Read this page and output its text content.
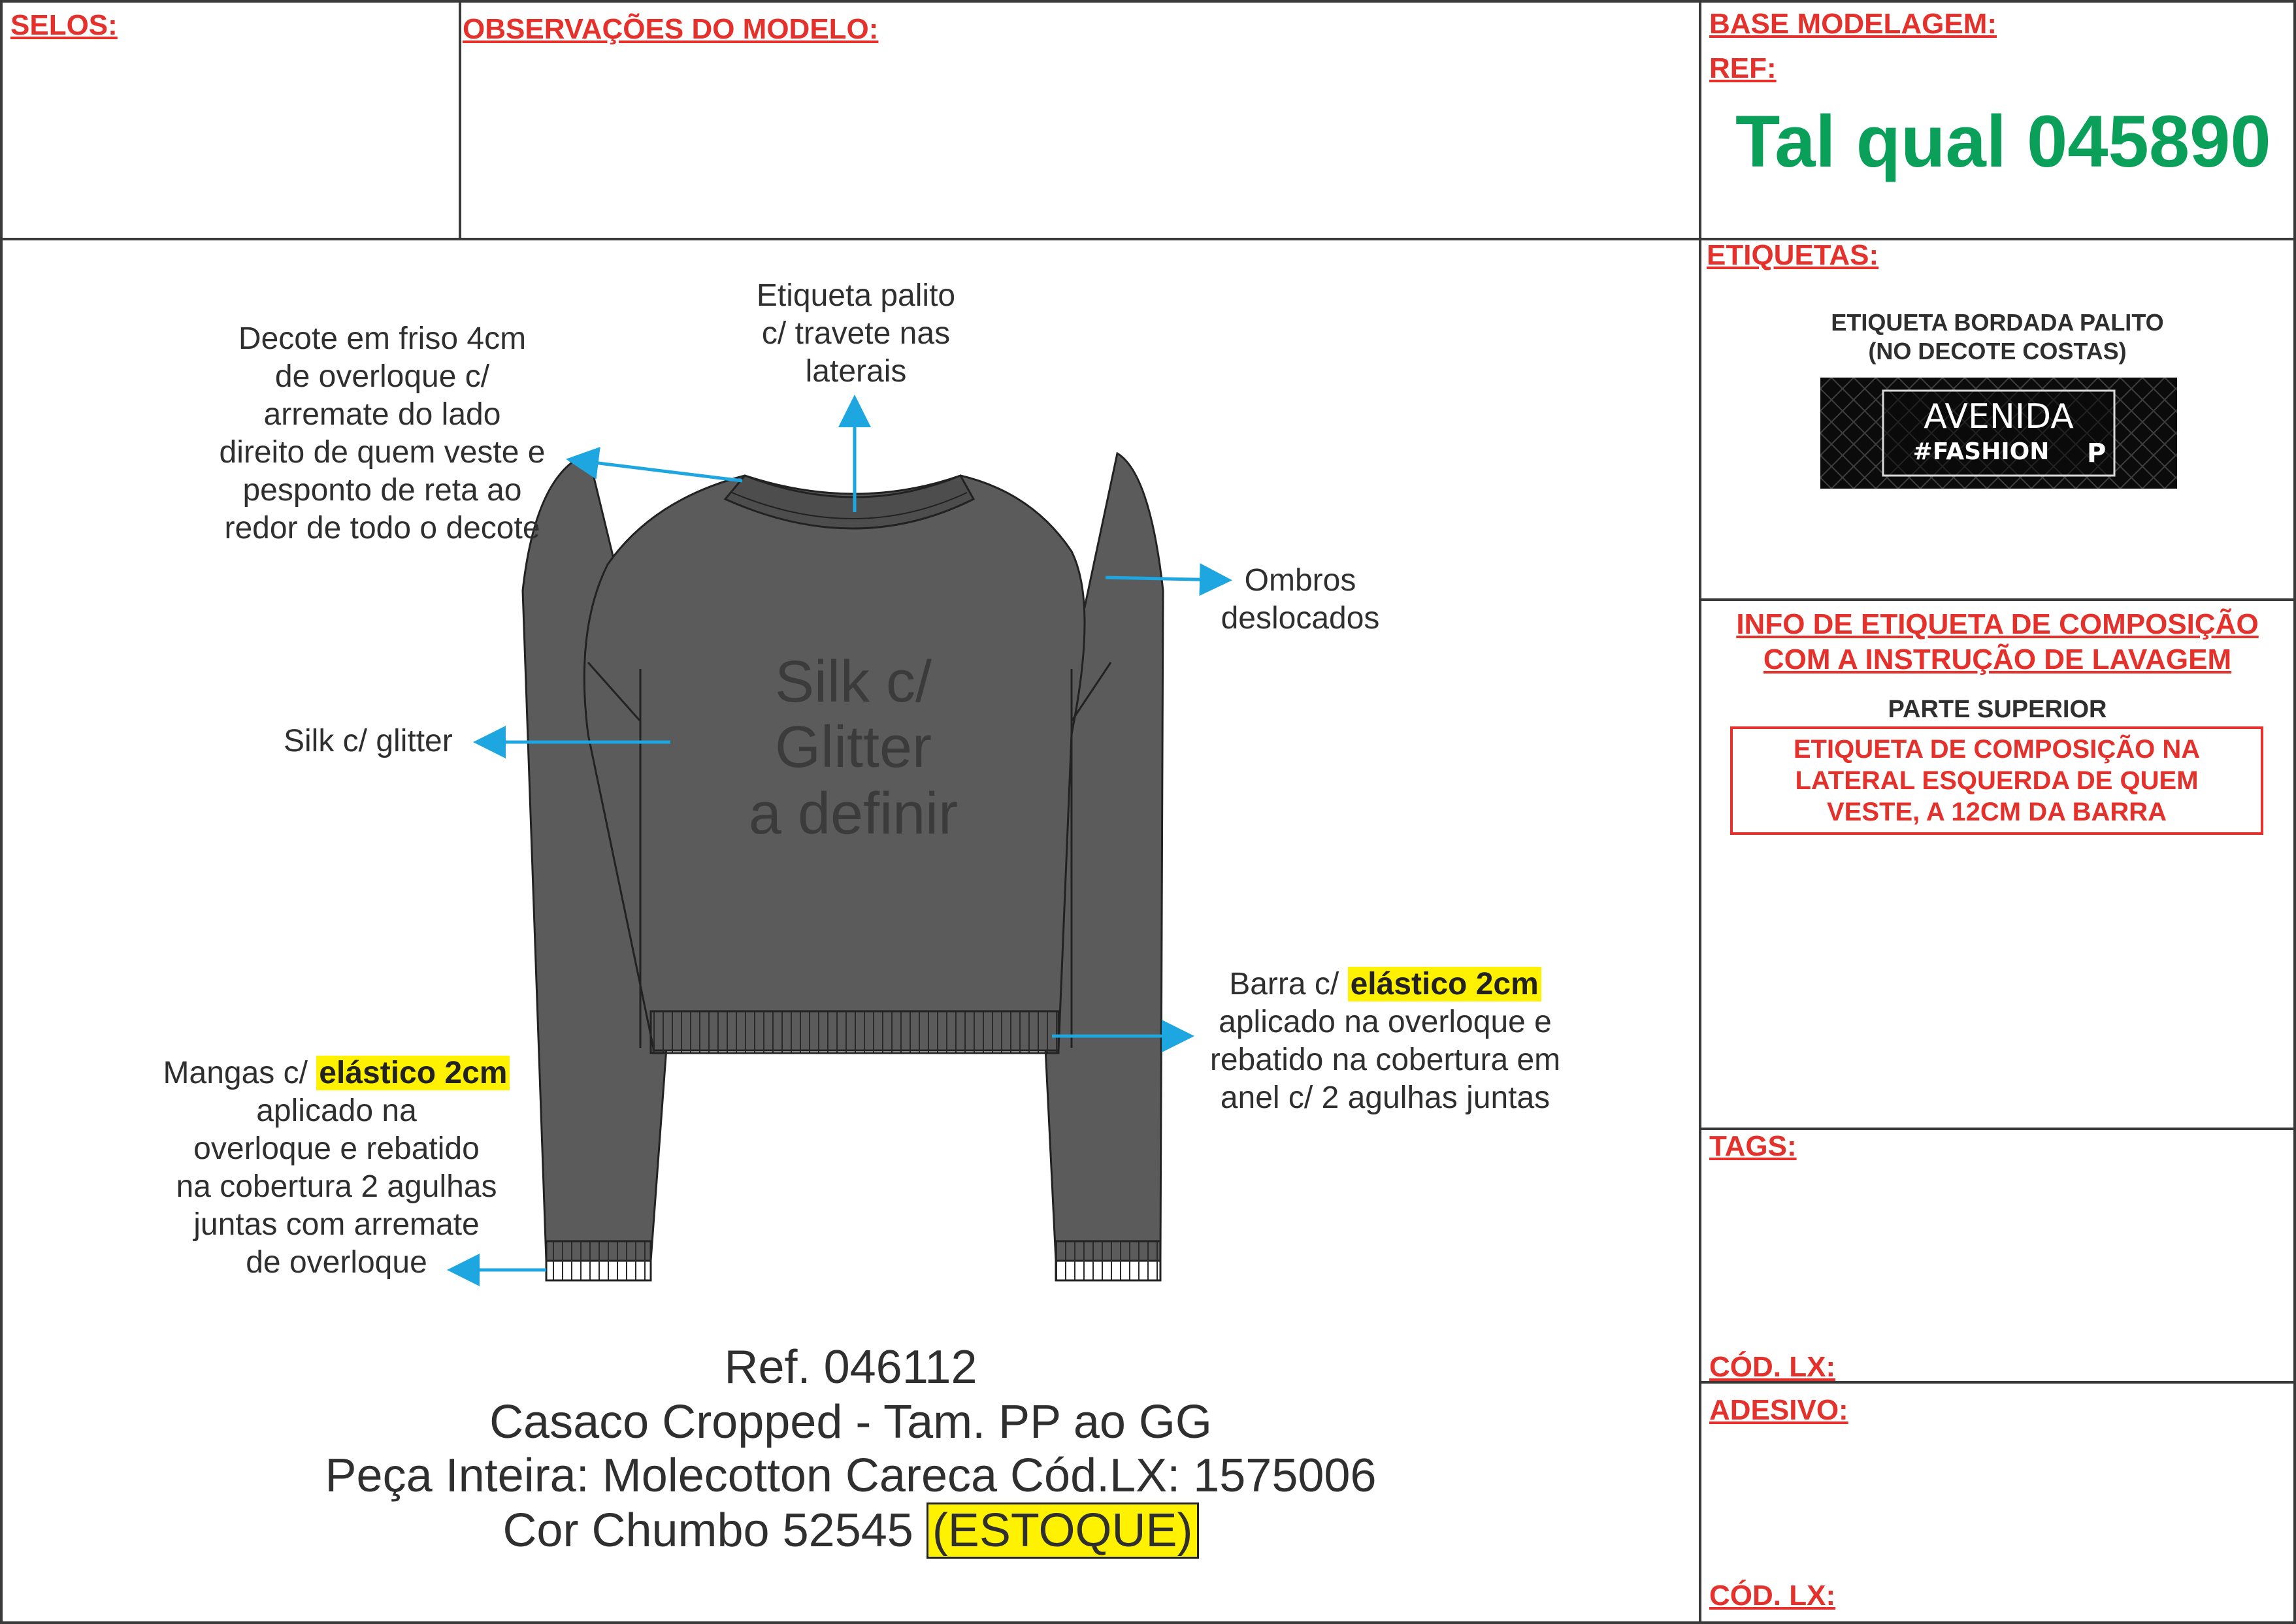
SELOS:	OBSERVAÇÕES DO MODELO:	BASE MODELAGEM:
REF:
Tal qual 045890
ETIQUETAS:
ETIQUETA BORDADA PALITO
(NO DECOTE COSTAS)
AVENIDA
#FASHION	P
INFO DE ETIQUETA DE COMPOSIÇÃO
COM A INSTRUÇÃO DE LAVAGEM
PARTE SUPERIOR
ETIQUETA DE COMPOSIÇÃO NA
LATERAL ESQUERDA DE QUEM
VESTE, A 12CM DA BARRA
TAGS:
CÓD. LX:
ADESIVO:
CÓD. LX:
Silk c/
Glitter
a definir
Decote em friso 4cm
de overloque c/
arremate do lado
direito de quem veste e
pesponto de reta ao
redor de todo o decote
Etiqueta palito
c/ travete nas
laterais
Ombros
deslocados
Silk c/ glitter
Barra c/ elástico 2cm
aplicado na overloque e
rebatido na cobertura em
anel c/ 2 agulhas juntas
Mangas c/ elástico 2cm
aplicado na
overloque e rebatido
na cobertura 2 agulhas
juntas com arremate
de overloque
Ref. 046112
Casaco Cropped - Tam. PP ao GG
Peça Inteira: Molecotton Careca Cód.LX: 1575006
Cor Chumbo 52545 (ESTOQUE)
